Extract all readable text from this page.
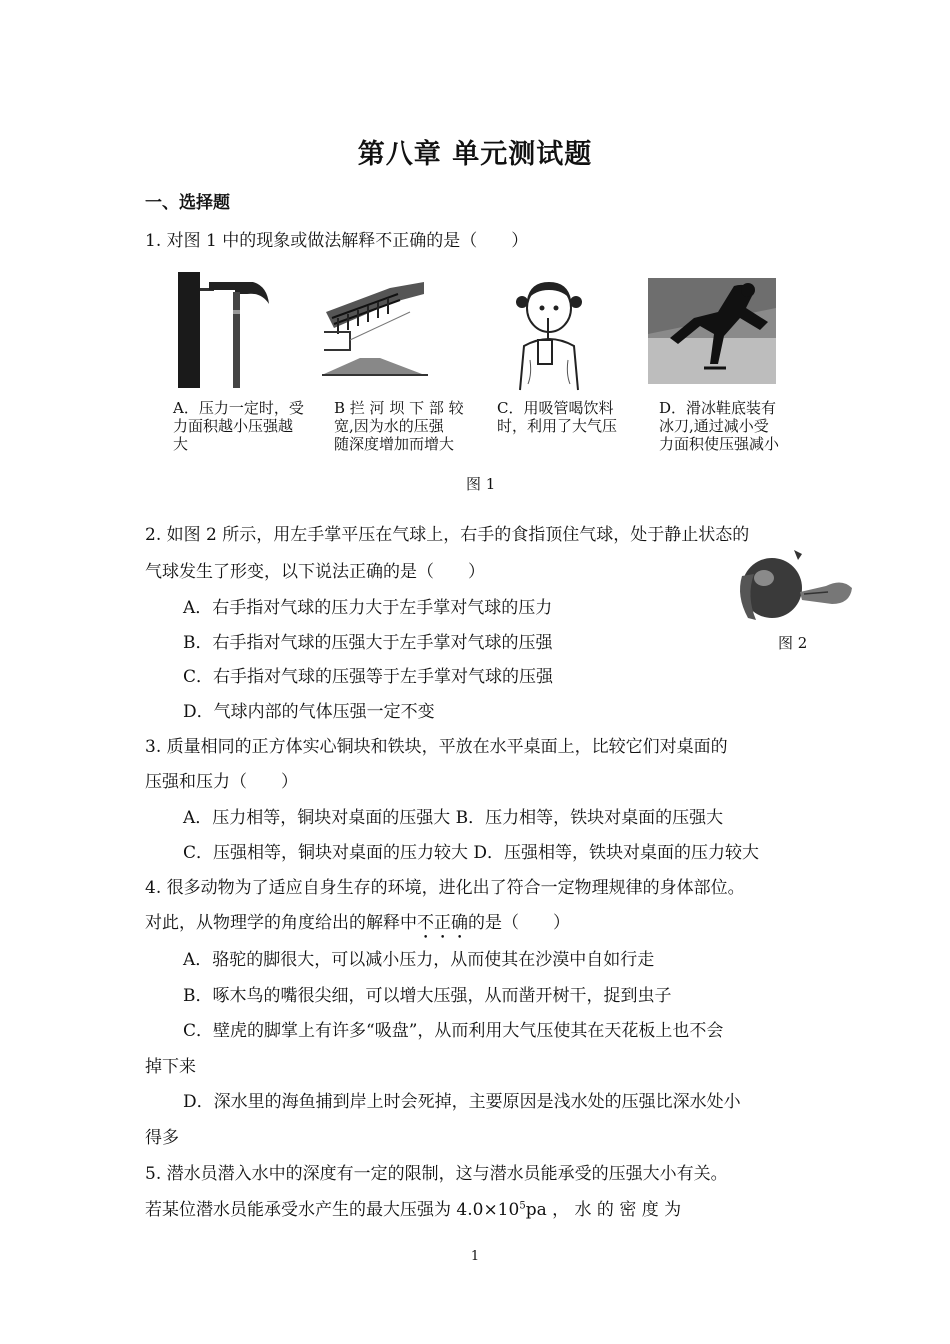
第八章 单元测试题
一、选择题
1. 对图 1 中的现象或做法解释不正确的是（　　）
A．压力一定时，受
力面积越小压强越
大
B 拦 河 坝 下 部 较
宽,因为水的压强
随深度增加而增大
C．用吸管喝饮料
时，利用了大气压
D．滑冰鞋底装有
冰刀,通过减小受
力面积使压强减小
图 1
2. 如图 2 所示，用左手掌平压在气球上，右手的食指顶住气球，处于静止状态的
气球发生了形变，以下说法正确的是（　　）
A．右手指对气球的压力大于左手掌对气球的压力
B．右手指对气球的压强大于左手掌对气球的压强
C．右手指对气球的压强等于左手掌对气球的压强
D．气球内部的气体压强一定不变
图 2
3. 质量相同的正方体实心铜块和铁块，平放在水平桌面上，比较它们对桌面的
压强和压力（　　）
A．压力相等，铜块对桌面的压强大 B．压力相等，铁块对桌面的压强大
C．压强相等，铜块对桌面的压力较大 D．压强相等，铁块对桌面的压力较大
4. 很多动物为了适应自身生存的环境，进化出了符合一定物理规律的身体部位。
对此，从物理学的角度给出的解释中不正确的是（　　）
A．骆驼的脚很大，可以减小压力，从而使其在沙漠中自如行走
B．啄木鸟的嘴很尖细，可以增大压强，从而凿开树干，捉到虫子
C．壁虎的脚掌上有许多“吸盘”，从而利用大气压使其在天花板上也不会
掉下来
D．深水里的海鱼捕到岸上时会死掉，主要原因是浅水处的压强比深水处小
得多
5. 潜水员潜入水中的深度有一定的限制，这与潜水员能承受的压强大小有关。
若某位潜水员能承受水产生的最大压强为 $4.0\times 10^5pa$ ， 水 的 密 度 为
1
